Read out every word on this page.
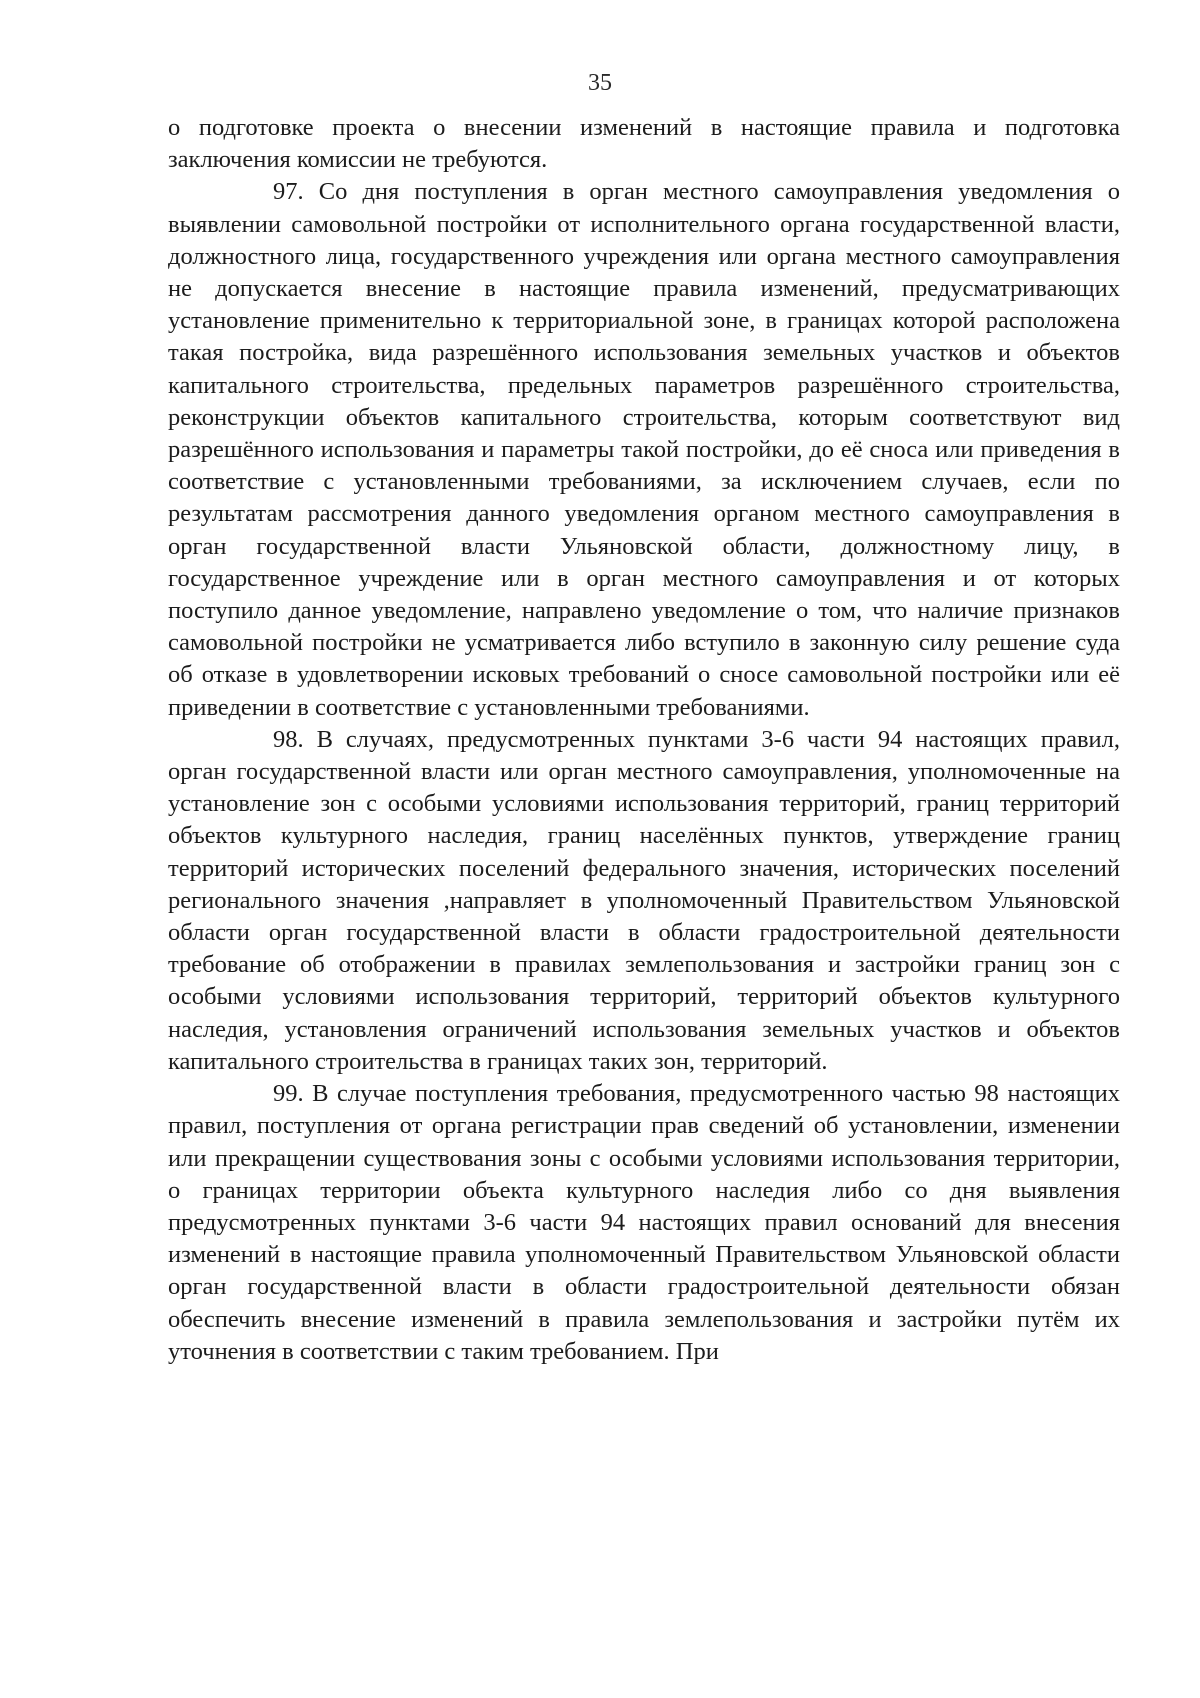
35

о подготовке проекта о внесении изменений в настоящие правила и подготовка заключения комиссии не требуются.

97. Со дня поступления в орган местного самоуправления уведомления о выявлении самовольной постройки от исполнительного органа государственной власти, должностного лица, государственного учреждения или органа местного самоуправления не допускается внесение в настоящие правила изменений, предусматривающих установление применительно к территориальной зоне, в границах которой расположена такая постройка, вида разрешённого использования земельных участков и объектов капитального строительства, предельных параметров разрешённого строительства, реконструкции объектов капитального строительства, которым соответствуют вид разрешённого использования и параметры такой постройки, до её сноса или приведения в соответствие с установленными требованиями, за исключением случаев, если по результатам рассмотрения данного уведомления органом местного самоуправления в орган государственной власти Ульяновской области, должностному лицу, в государственное учреждение или в орган местного самоуправления и от которых поступило данное уведомление, направлено уведомление о том, что наличие признаков самовольной постройки не усматривается либо вступило в законную силу решение суда об отказе в удовлетворении исковых требований о сносе самовольной постройки или её приведении в соответствие с установленными требованиями.

98. В случаях, предусмотренных пунктами 3-6 части 94 настоящих правил, орган государственной власти или орган местного самоуправления, уполномоченные на установление зон с особыми условиями использования территорий, границ территорий объектов культурного наследия, границ населённых пунктов, утверждение границ территорий исторических поселений федерального значения, исторических поселений регионального значения ,направляет в уполномоченный Правительством Ульяновской области орган государственной власти в области градостроительной деятельности требование об отображении в правилах землепользования и застройки границ зон с особыми условиями использования территорий, территорий объектов культурного наследия, установления ограничений использования земельных участков и объектов капитального строительства в границах таких зон, территорий.

99. В случае поступления требования, предусмотренного частью 98 настоящих правил, поступления от органа регистрации прав сведений об установлении, изменении или прекращении существования зоны с особыми условиями использования территории, о границах территории объекта культурного наследия либо со дня выявления предусмотренных пунктами 3-6 части 94 настоящих правил оснований для внесения изменений в настоящие правила уполномоченный Правительством Ульяновской области орган государственной власти в области градостроительной деятельности обязан обеспечить внесение изменений в правила землепользования и застройки путём их уточнения в соответствии с таким требованием. При
